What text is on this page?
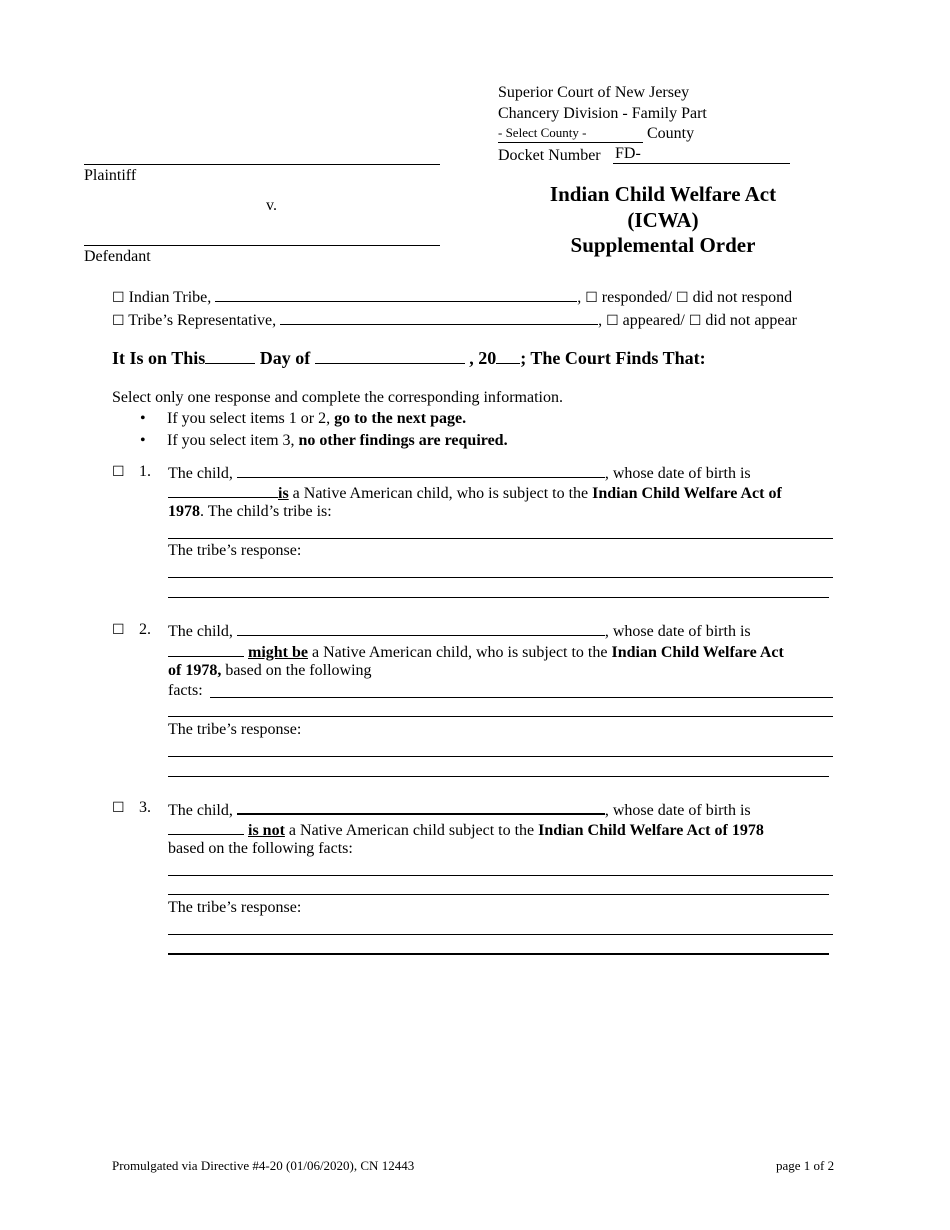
Superior Court of New Jersey
Chancery Division - Family Part
- Select County -	County
Docket Number FD-
Plaintiff
v.
Defendant
Indian Child Welfare Act
(ICWA)
Supplemental Order
☐ Indian Tribe,	, ☐ responded/ ☐ did not respond
☐ Tribe’s Representative,	, ☐ appeared/ ☐ did not appear
It Is on This	Day of	, 20 ; The Court Finds That:
Select only one response and complete the corresponding information.
• If you select items 1 or 2, go to the next page.
• If you select item 3, no other findings are required.
☐ 1. The child,	, whose date of birth is
is a Native American child, who is subject to the Indian Child Welfare Act of
1978. The child’s tribe is:
The tribe’s response:
☐ 2. The child,	, whose date of birth is
might be a Native American child, who is subject to the Indian Child Welfare Act
of 1978, based on the following
facts:
The tribe’s response:
☐ 3. The child,	, whose date of birth is
is not a Native American child subject to the Indian Child Welfare Act of 1978
based on the following facts:
The tribe’s response:
Promulgated via Directive #4-20 (01/06/2020), CN 12443	page 1 of 2
